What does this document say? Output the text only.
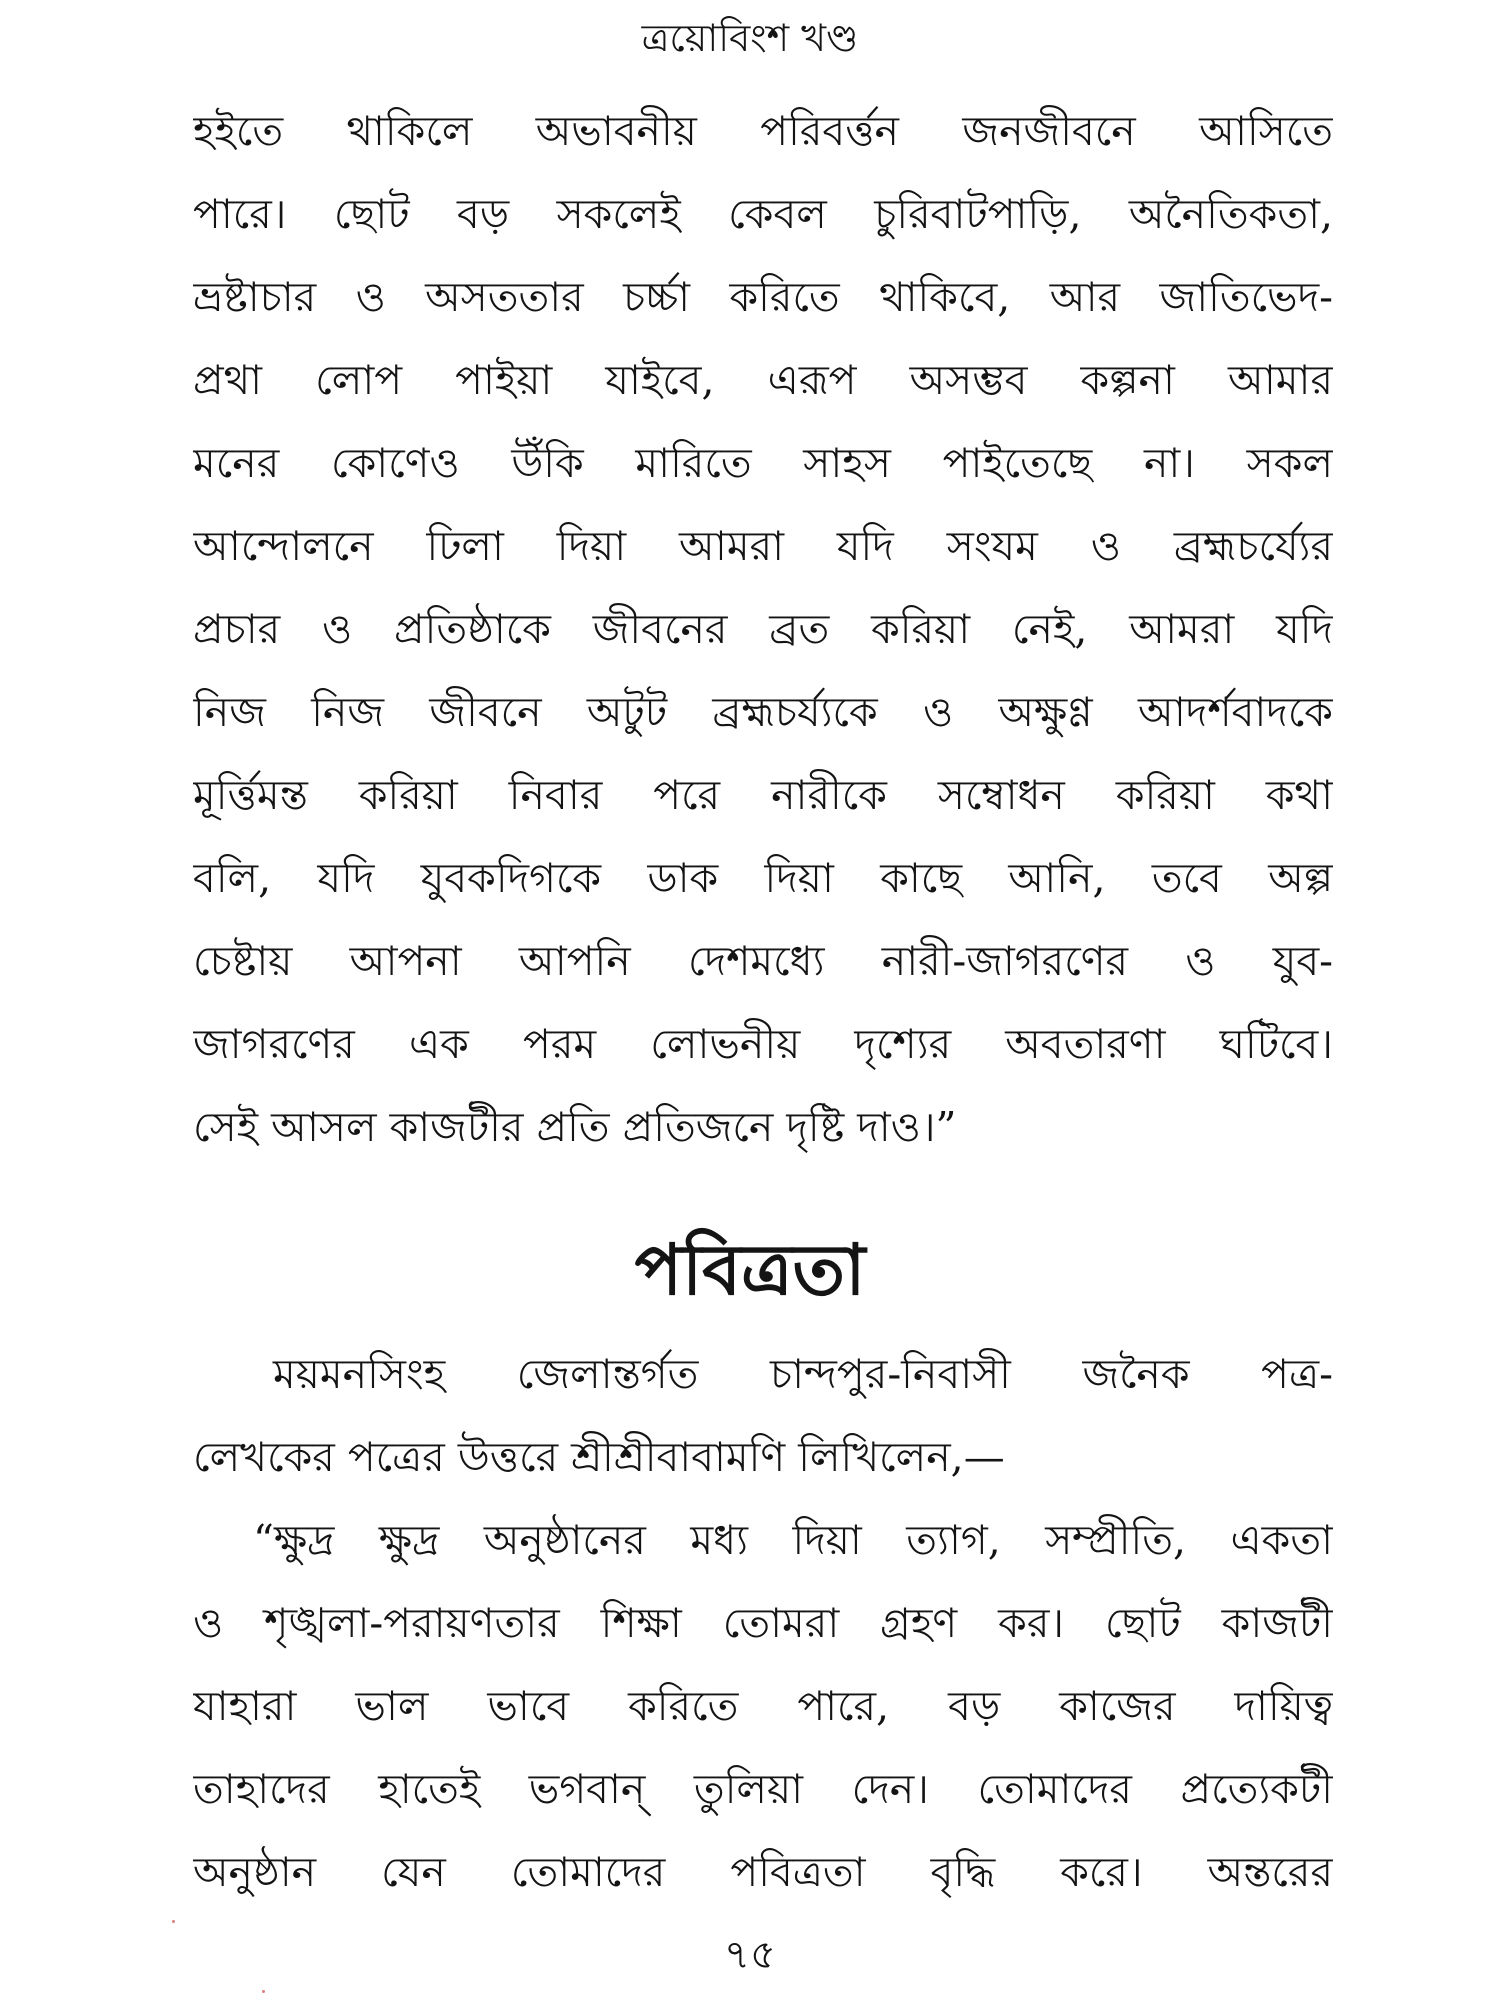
ত্রয়োবিংশ খণ্ড
হইতে থাকিলে অভাবনীয় পরিবর্ত্তন জনজীবনে আসিতে
পারে। ছোট বড় সকলেই কেবল চুরিবাটপাড়ি, অনৈতিকতা,
ভ্রষ্টাচার ও অসততার চর্চ্চা করিতে থাকিবে, আর জাতিভেদ-
প্রথা লোপ পাইয়া যাইবে, এরূপ অসম্ভব কল্পনা আমার
মনের কোণেও উঁকি মারিতে সাহস পাইতেছে না। সকল
আন্দোলনে ঢিলা দিয়া আমরা যদি সংযম ও ব্রহ্মচর্য্যের
প্রচার ও প্রতিষ্ঠাকে জীবনের ব্রত করিয়া নেই, আমরা যদি
নিজ নিজ জীবনে অটুট ব্রহ্মচর্য্যকে ও অক্ষুণ্ণ আদর্শবাদকে
মূর্ত্তিমন্ত করিয়া নিবার পরে নারীকে সম্বোধন করিয়া কথা
বলি, যদি যুবকদিগকে ডাক দিয়া কাছে আনি, তবে অল্প
চেষ্টায় আপনা আপনি দেশমধ্যে নারী-জাগরণের ও যুব-
জাগরণের এক পরম লোভনীয় দৃশ্যের অবতারণা ঘটিবে।
সেই আসল কাজটীর প্রতি প্রতিজনে দৃষ্টি দাও।”
পবিত্রতা
ময়মনসিংহ জেলান্তর্গত চান্দপুর-নিবাসী জনৈক পত্র-
লেখকের পত্রের উত্তরে শ্রীশ্রীবাবামণি লিখিলেন,—
“ক্ষুদ্র ক্ষুদ্র অনুষ্ঠানের মধ্য দিয়া ত্যাগ, সম্প্রীতি, একতা
ও শৃঙ্খলা-পরায়ণতার শিক্ষা তোমরা গ্রহণ কর। ছোট কাজটী
যাহারা ভাল ভাবে করিতে পারে, বড় কাজের দায়িত্ব
তাহাদের হাতেই ভগবান্ তুলিয়া দেন। তোমাদের প্রত্যেকটী
অনুষ্ঠান যেন তোমাদের পবিত্রতা বৃদ্ধি করে। অন্তরের
৭৫
